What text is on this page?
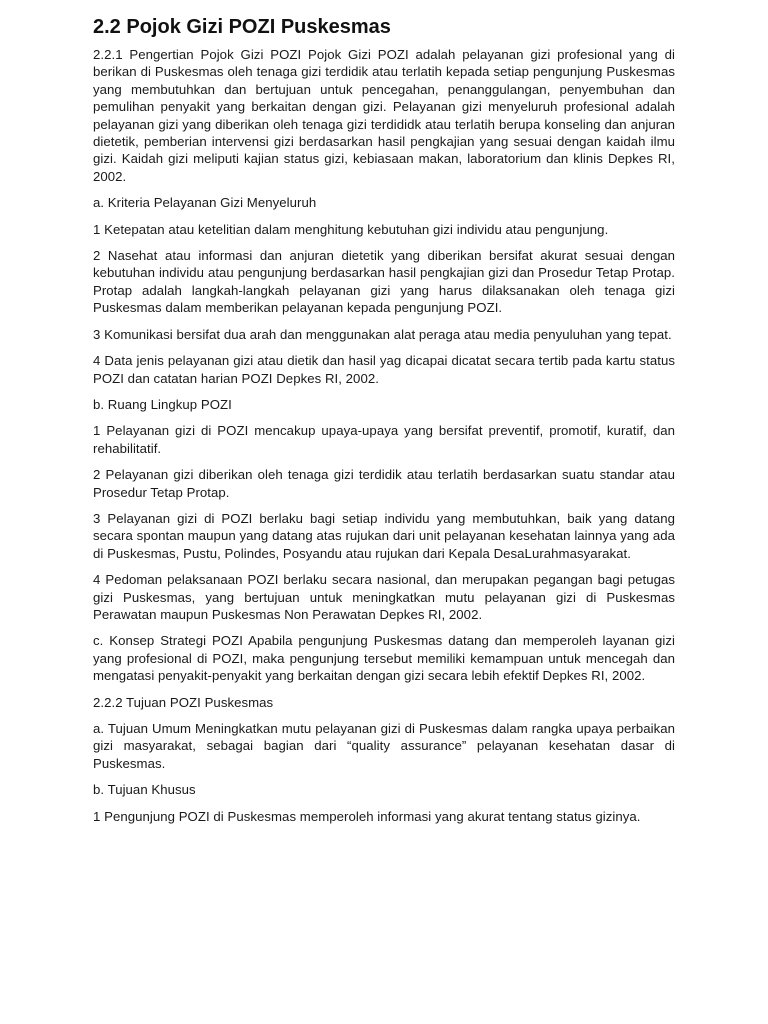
2.2 Pojok Gizi POZI Puskesmas

2.2.1 Pengertian Pojok Gizi POZI Pojok Gizi POZI adalah pelayanan gizi profesional yang di berikan di Puskesmas oleh tenaga gizi terdidik atau terlatih kepada setiap pengunjung Puskesmas yang membutuhkan dan bertujuan untuk pencegahan, penanggulangan, penyembuhan dan pemulihan penyakit yang berkaitan dengan gizi. Pelayanan gizi menyeluruh profesional adalah pelayanan gizi yang diberikan oleh tenaga gizi terdididk atau terlatih berupa konseling dan anjuran dietetik, pemberian intervensi gizi berdasarkan hasil pengkajian yang sesuai dengan kaidah ilmu gizi. Kaidah gizi meliputi kajian status gizi, kebiasaan makan, laboratorium dan klinis Depkes RI, 2002.

a. Kriteria Pelayanan Gizi Menyeluruh

1 Ketepatan atau ketelitian dalam menghitung kebutuhan gizi individu atau pengunjung.

2 Nasehat atau informasi dan anjuran dietetik yang diberikan bersifat akurat sesuai dengan kebutuhan individu atau pengunjung berdasarkan hasil pengkajian gizi dan Prosedur Tetap Protap. Protap adalah langkah-langkah pelayanan gizi yang harus dilaksanakan oleh tenaga gizi Puskesmas dalam memberikan pelayanan kepada pengunjung POZI.

3 Komunikasi bersifat dua arah dan menggunakan alat peraga atau media penyuluhan yang tepat.

4 Data jenis pelayanan gizi atau dietik dan hasil yag dicapai dicatat secara tertib pada kartu status POZI dan catatan harian POZI Depkes RI, 2002.

b. Ruang Lingkup POZI

1 Pelayanan gizi di POZI mencakup upaya-upaya yang bersifat preventif, promotif, kuratif, dan rehabilitatif.

2 Pelayanan gizi diberikan oleh tenaga gizi terdidik atau terlatih berdasarkan suatu standar atau Prosedur Tetap Protap.

3 Pelayanan gizi di POZI berlaku bagi setiap individu yang membutuhkan, baik yang datang secara spontan maupun yang datang atas rujukan dari unit pelayanan kesehatan lainnya yang ada di Puskesmas, Pustu, Polindes, Posyandu atau rujukan dari Kepala DesaLurahmasyarakat.

4 Pedoman pelaksanaan POZI berlaku secara nasional, dan merupakan pegangan bagi petugas gizi Puskesmas, yang bertujuan untuk meningkatkan mutu pelayanan gizi di Puskesmas Perawatan maupun Puskesmas Non Perawatan Depkes RI, 2002.

c. Konsep Strategi POZI Apabila pengunjung Puskesmas datang dan memperoleh layanan gizi yang profesional di POZI, maka pengunjung tersebut memiliki kemampuan untuk mencegah dan mengatasi penyakit-penyakit yang berkaitan dengan gizi secara lebih efektif Depkes RI, 2002.

2.2.2 Tujuan POZI Puskesmas

a. Tujuan Umum Meningkatkan mutu pelayanan gizi di Puskesmas dalam rangka upaya perbaikan gizi masyarakat, sebagai bagian dari “quality assurance” pelayanan kesehatan dasar di Puskesmas.

b. Tujuan Khusus

1 Pengunjung POZI di Puskesmas memperoleh informasi yang akurat tentang status gizinya.
